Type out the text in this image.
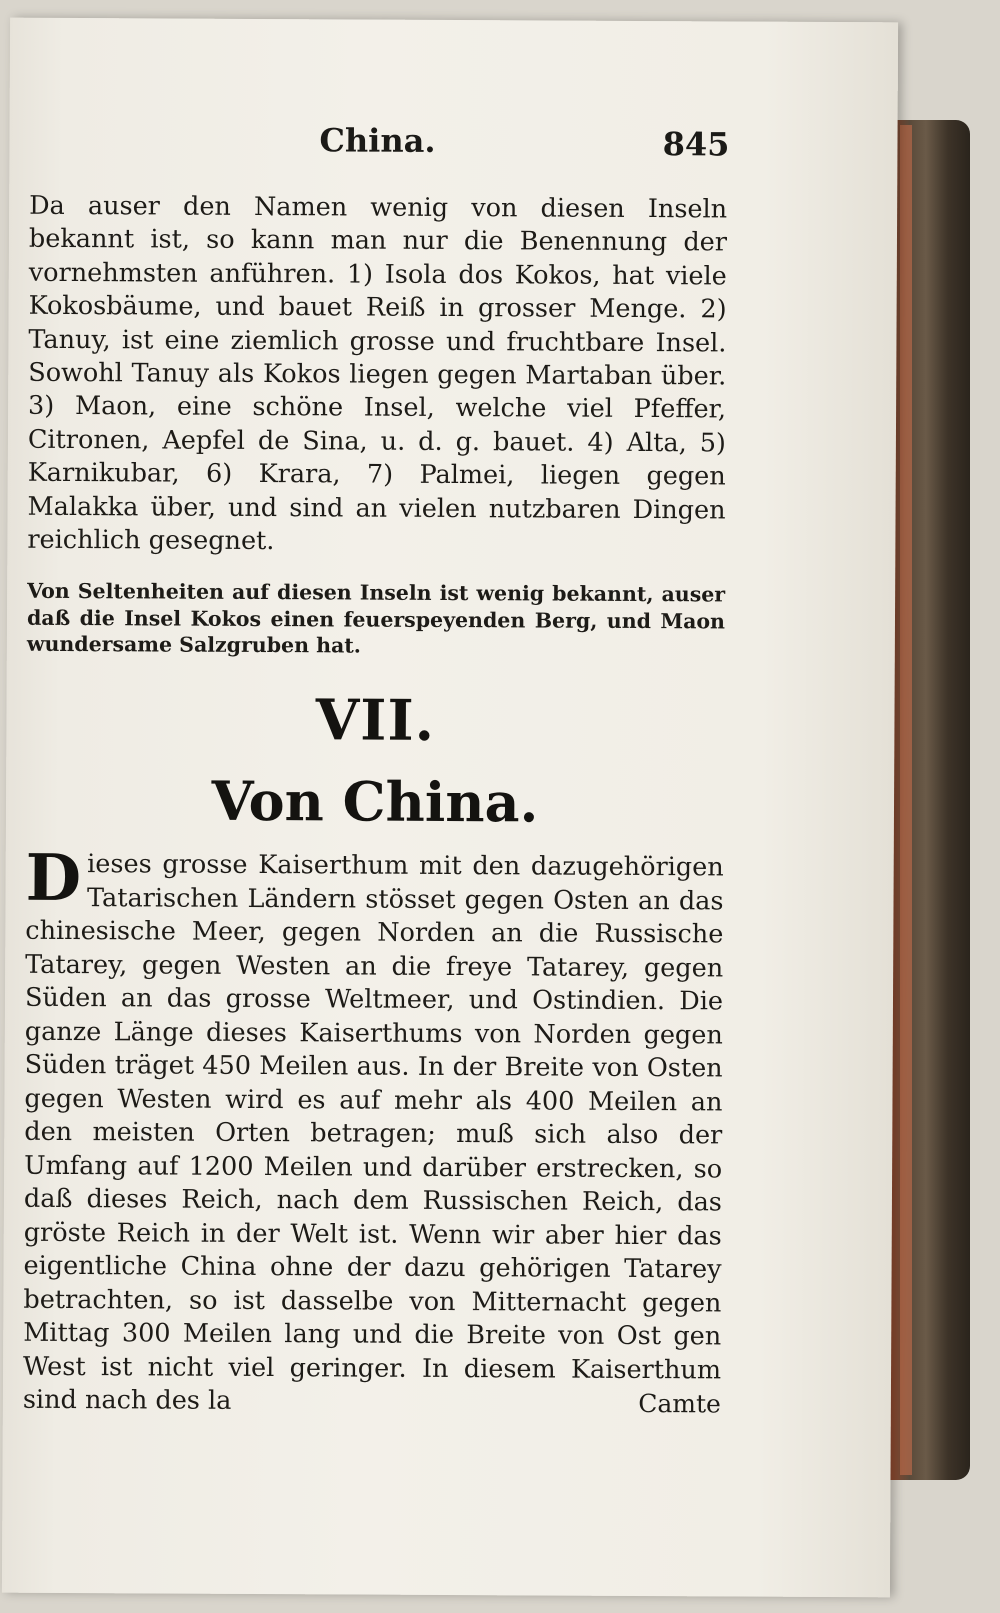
China.	845

Da auser den Namen wenig von diesen Inseln bekannt ist, so kann man nur die Benennung der vornehmsten anführen. 1) Isola dos Kokos, hat viele Kokosbäume, und bauet Reiß in grosser Menge. 2) Tanuy, ist eine ziemlich grosse und fruchtbare Insel. Sowohl Tanuy als Kokos liegen gegen Martaban über. 3) Maon, eine schöne Insel, welche viel Pfeffer, Citronen, Aepfel de Sina, u. d. g. bauet. 4) Alta, 5) Karnikubar, 6) Krara, 7) Palmei, liegen gegen Malakka über, und sind an vielen nutzbaren Dingen reichlich gesegnet.

Von Seltenheiten auf diesen Inseln ist wenig bekannt, auser daß die Insel Kokos einen feuerspeyenden Berg, und Maon wundersame Salzgruben hat.

VII.
Von China.

Dieses grosse Kaiserthum mit den dazugehörigen Tatarischen Ländern stösset gegen Osten an das chinesische Meer, gegen Norden an die Russische Tatarey, gegen Westen an die freye Tatarey, gegen Süden an das grosse Weltmeer, und Ostindien. Die ganze Länge dieses Kaiserthums von Norden gegen Süden träget 450 Meilen aus. In der Breite von Osten gegen Westen wird es auf mehr als 400 Meilen an den meisten Orten betragen; muß sich also der Umfang auf 1200 Meilen und darüber erstrecken, so daß dieses Reich, nach dem Russischen Reich, das gröste Reich in der Welt ist. Wenn wir aber hier das eigentliche China ohne der dazu gehörigen Tatarey betrachten, so ist dasselbe von Mitternacht gegen Mittag 300 Meilen lang und die Breite von Ost gen West ist nicht viel geringer. In diesem Kaiserthum sind nach des la	Camte
